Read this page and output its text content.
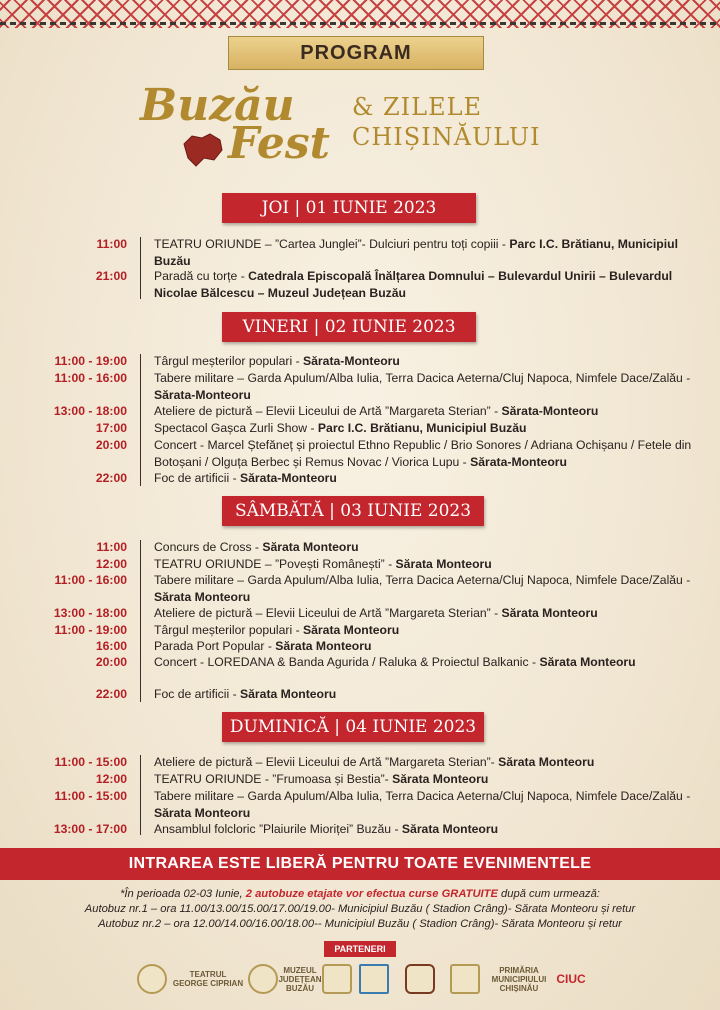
PROGRAM
Buzău
Fest
& ZILELE
CHIȘINĂULUI
JOI | 01 IUNIE 2023
11:00 TEATRU ORIUNDE – ”Cartea Junglei”- Dulciuri pentru toți copiii - Parc I.C. Brătianu, Municipiul Buzău
21:00 Paradă cu torțe - Catedrala Episcopală Înălțarea Domnului – Bulevardul Unirii – Bulevardul Nicolae Bălcescu – Muzeul Județean Buzău
VINERI | 02 IUNIE 2023
11:00 - 19:00 Târgul meșterilor populari - Sărata-Monteoru
11:00 - 16:00 Tabere militare – Garda Apulum/Alba Iulia, Terra Dacica Aeterna/Cluj Napoca, Nimfele Dace/Zalău - Sărata-Monteoru
13:00 - 18:00 Ateliere de pictură – Elevii Liceului de Artă ”Margareta Sterian” - Sărata-Monteoru
17:00 Spectacol Gașca Zurli Show - Parc I.C. Brătianu, Municipiul Buzău
20:00 Concert - Marcel Ștefăneț și proiectul Ethno Republic / Brio Sonores / Adriana Ochișanu / Fetele din Botoșani / Olguța Berbec și Remus Novac / Viorica Lupu - Sărata-Monteoru
22:00 Foc de artificii - Sărata-Monteoru
SÂMBĂTĂ | 03 IUNIE 2023
11:00 Concurs de Cross - Sărata Monteoru
12:00 TEATRU ORIUNDE – ”Povești Românești” - Sărata Monteoru
11:00 - 16:00 Tabere militare – Garda Apulum/Alba Iulia, Terra Dacica Aeterna/Cluj Napoca, Nimfele Dace/Zalău - Sărata Monteoru
13:00 - 18:00 Ateliere de pictură – Elevii Liceului de Artă ”Margareta Sterian” - Sărata Monteoru
11:00 - 19:00 Târgul meșterilor populari - Sărata Monteoru
16:00 Parada Port Popular - Sărata Monteoru
20:00 Concert - LOREDANA & Banda Agurida / Raluka & Proiectul Balkanic - Sărata Monteoru
22:00 Foc de artificii - Sărata Monteoru
DUMINICĂ | 04 IUNIE 2023
11:00 - 15:00 Ateliere de pictură – Elevii Liceului de Artă ”Margareta Sterian”- Sărata Monteoru
12:00 TEATRU ORIUNDE - ”Frumoasa și Bestia”- Sărata Monteoru
11:00 - 15:00 Tabere militare – Garda Apulum/Alba Iulia, Terra Dacica Aeterna/Cluj Napoca, Nimfele Dace/Zalău - Sărata Monteoru
13:00 - 17:00 Ansamblul folcloric ”Plaiurile Mioriței” Buzău - Sărata Monteoru
INTRAREA ESTE LIBERĂ PENTRU TOATE EVENIMENTELE
*În perioada 02-03 Iunie, 2 autobuze etajate vor efectua curse GRATUITE după cum urmează:
Autobuz nr.1 – ora 11.00/13.00/15.00/17.00/19.00- Municipiul Buzău ( Stadion Crâng)- Sărata Monteoru și retur
Autobuz nr.2 – ora 12.00/14.00/16.00/18.00-- Municipiul Buzău ( Stadion Crâng)- Sărata Monteoru și retur
PARTENERI
TEATRUL GEORGE CIPRIAN
MUZEUL JUDEȚEAN BUZĂU
PRIMĂRIA MUNICIPIULUI CHIȘINĂU
CIUC
